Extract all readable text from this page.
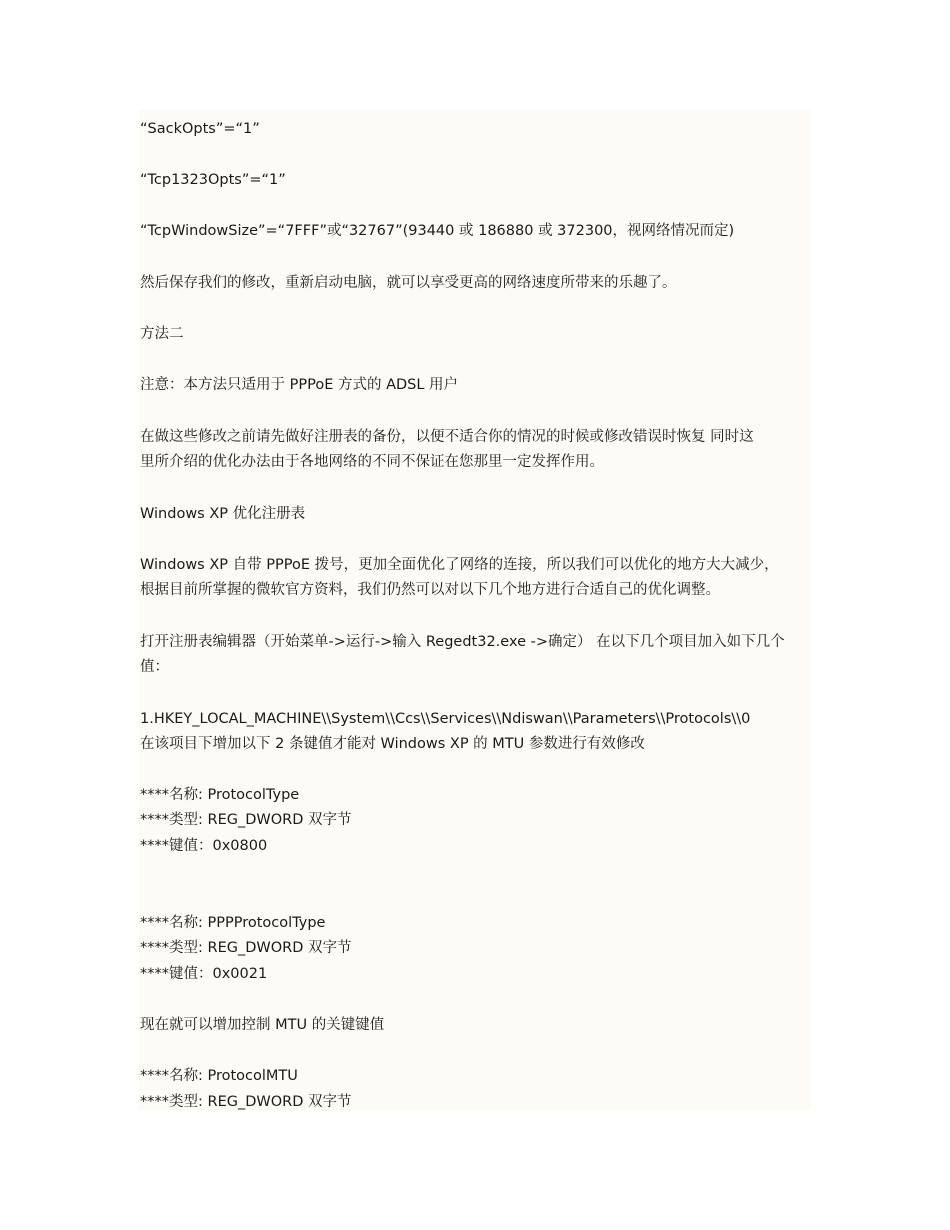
“SackOpts”=“1”
“Tcp1323Opts”=“1”
“TcpWindowSize”=“7FFF”或“32767”(93440 或 186880 或 372300，视网络情况而定)
然后保存我们的修改，重新启动电脑，就可以享受更高的网络速度所带来的乐趣了。
方法二
注意：本方法只适用于 PPPoE 方式的 ADSL 用户
在做这些修改之前请先做好注册表的备份，以便不适合你的情况的时候或修改错误时恢复 同时这
里所介绍的优化办法由于各地网络的不同不保证在您那里一定发挥作用。
Windows XP 优化注册表
Windows XP 自带 PPPoE 拨号，更加全面优化了网络的连接，所以我们可以优化的地方大大减少，
根据目前所掌握的微软官方资料，我们仍然可以对以下几个地方进行合适自己的优化调整。
打开注册表编辑器（开始菜单->运行->输入 Regedt32.exe ->确定） 在以下几个项目加入如下几个
值：
1.HKEY_LOCAL_MACHINE\\System\\Ccs\\Services\\Ndiswan\\Parameters\\Protocols\\0
在该项目下增加以下 2 条键值才能对 Windows XP 的 MTU 参数进行有效修改
****名称: ProtocolType
****类型: REG_DWORD 双字节
****键值：0x0800
****名称: PPPProtocolType
****类型: REG_DWORD 双字节
****键值：0x0021
现在就可以增加控制 MTU 的关键键值
****名称: ProtocolMTU
****类型: REG_DWORD 双字节
